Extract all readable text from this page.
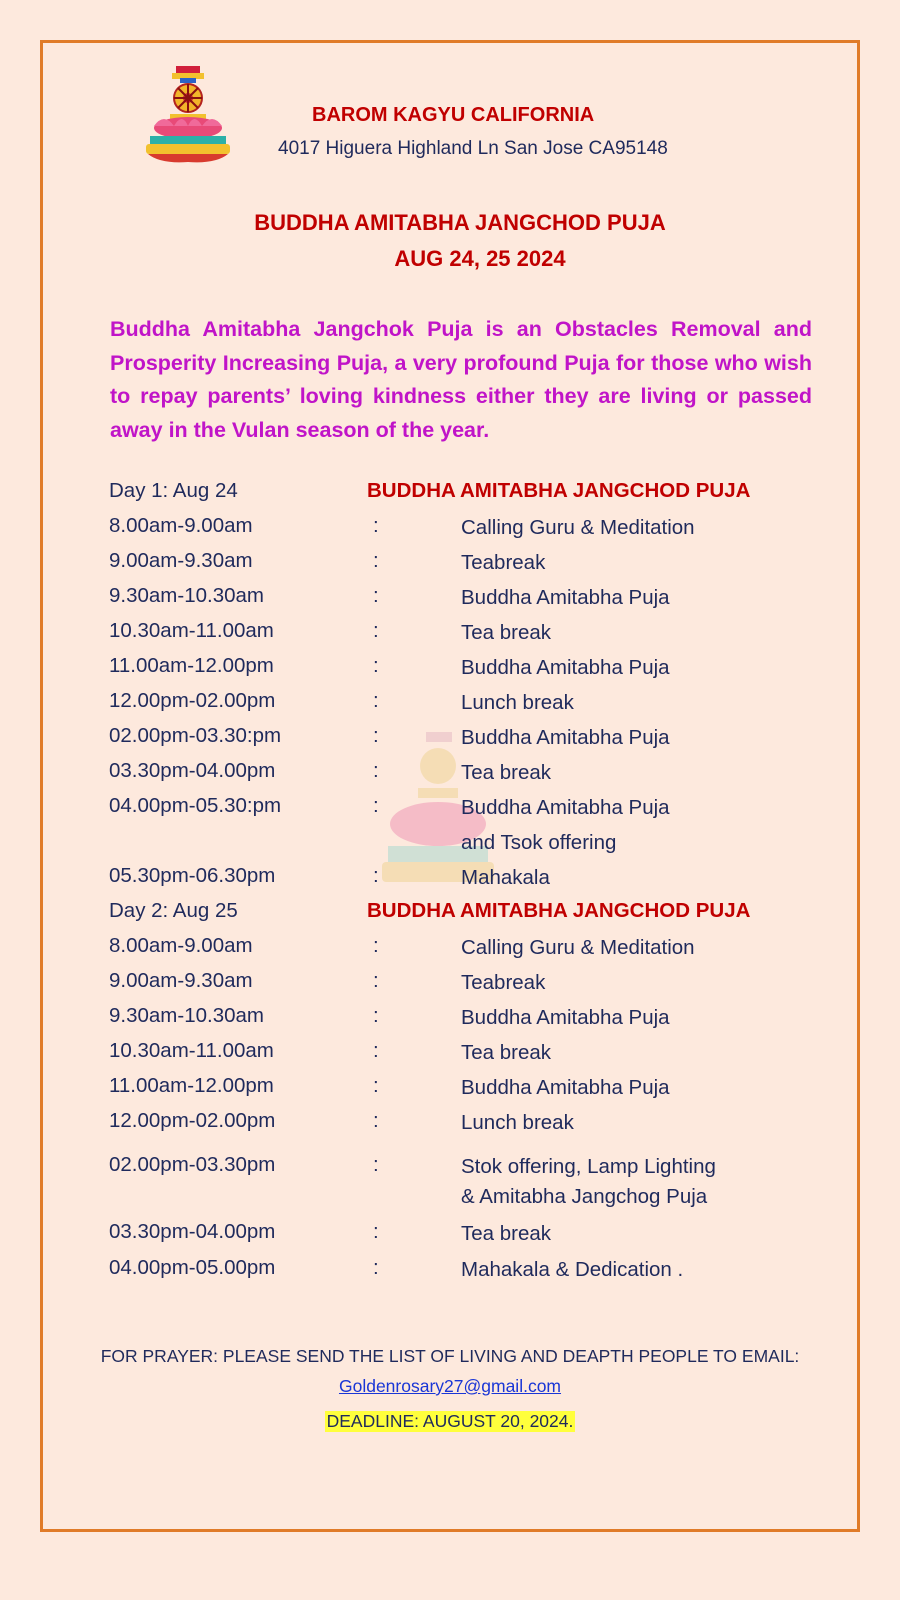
BAROM KAGYU CALIFORNIA
4017 Higuera Highland Ln San Jose CA95148
BUDDHA AMITABHA JANGCHOD PUJA
AUG 24, 25 2024
Buddha Amitabha Jangchok Puja is an Obstacles Removal and Prosperity Increasing Puja, a very profound Puja for those who wish to repay parents’ loving kindness either they are living or passed away in the Vulan season of the year.
Day 1: Aug 24	BUDDHA AMITABHA JANGCHOD PUJA
8.00am-9.00am	:	Calling Guru & Meditation
9.00am-9.30am	:	Teabreak
9.30am-10.30am	:	Buddha Amitabha Puja
10.30am-11.00am	:	Tea break
11.00am-12.00pm	:	Buddha Amitabha Puja
12.00pm-02.00pm	:	Lunch break
02.00pm-03.30:pm	:	Buddha Amitabha Puja
03.30pm-04.00pm	:	Tea break
04.00pm-05.30:pm	:	Buddha Amitabha Puja
and Tsok offering
05.30pm-06.30pm	:	Mahakala
Day 2: Aug 25	BUDDHA AMITABHA JANGCHOD PUJA
8.00am-9.00am	:	Calling Guru & Meditation
9.00am-9.30am	:	Teabreak
9.30am-10.30am	:	Buddha Amitabha Puja
10.30am-11.00am	:	Tea break
11.00am-12.00pm	:	Buddha Amitabha Puja
12.00pm-02.00pm	:	Lunch break
02.00pm-03.30pm	:	Stok offering, Lamp Lighting
& Amitabha Jangchog Puja
03.30pm-04.00pm	:	Tea break
04.00pm-05.00pm	:	Mahakala & Dedication .
FOR PRAYER: PLEASE SEND THE LIST OF LIVING AND DEAPTH PEOPLE TO EMAIL:
Goldenrosary27@gmail.com
DEADLINE: AUGUST 20, 2024.
